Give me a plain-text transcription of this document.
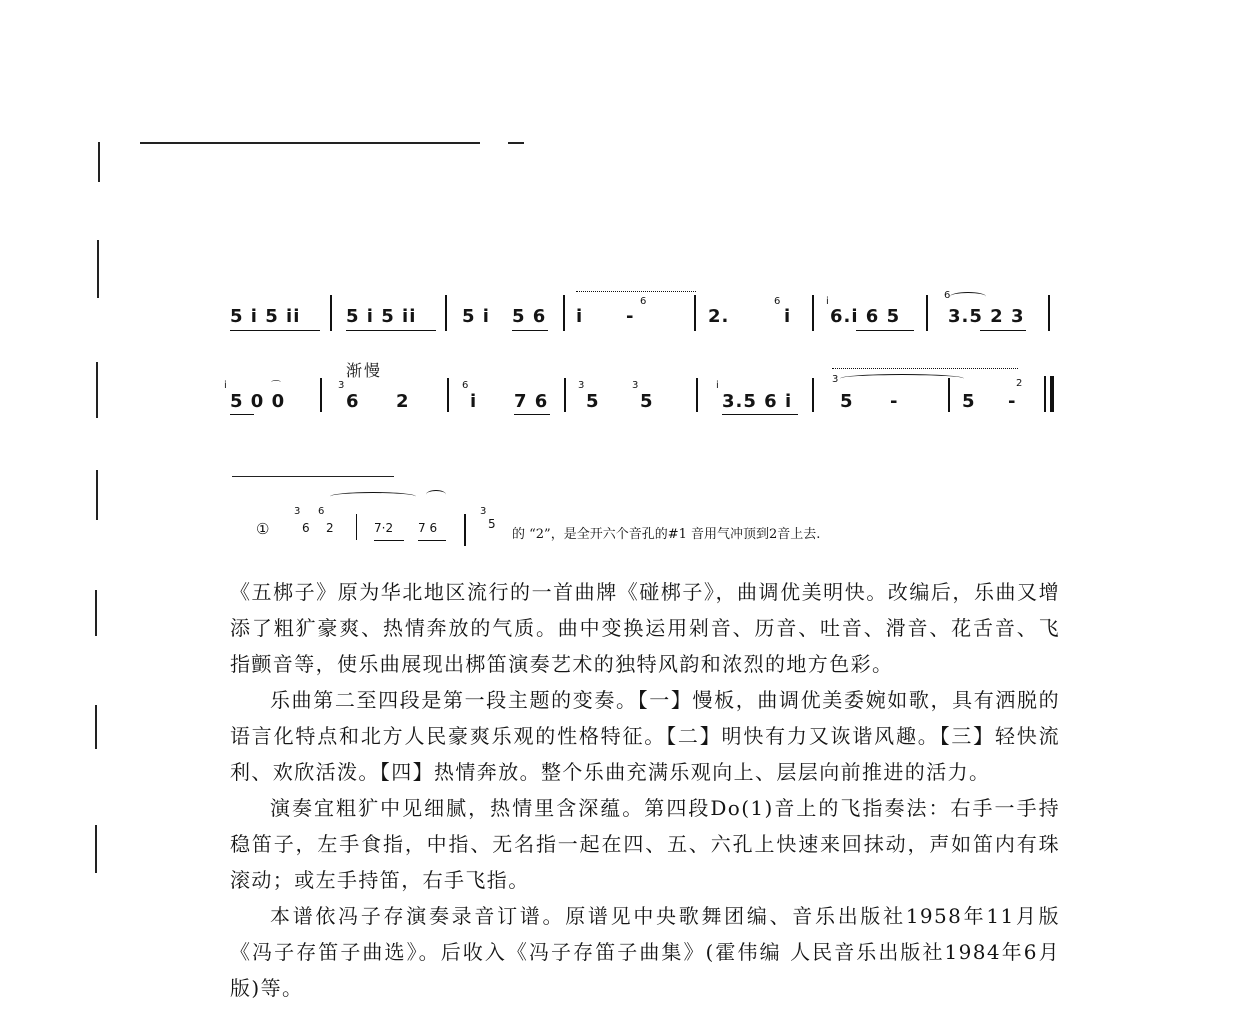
5 i 5 ii	5 i 5 ii	5 i 5 6 i -
6
2.
6
i
i
6.i 6 5
6
3.5 2 3
渐慢
i
5 0 0
⌒	3
6 2
6
i 7 6
3
5
3
5
i
3.5 6 i
3
5 -	5 -
2
①
3
6
6
2	7·2 7 6
3
5
的 “2”，是全开六个音孔的#1 音用气冲顶到2音上去.

《五梆子》原为华北地区流行的一首曲牌《碰梆子》，曲调优美明快。改编后，乐曲又增添了粗犷豪爽、热情奔放的气质。曲中变换运用剁音、历音、吐音、滑音、花舌音、飞指颤音等，使乐曲展现出梆笛演奏艺术的独特风韵和浓烈的地方色彩。

乐曲第二至四段是第一段主题的变奏。【一】慢板，曲调优美委婉如歌，具有洒脱的语言化特点和北方人民豪爽乐观的性格特征。【二】明快有力又诙谐风趣。【三】轻快流利、欢欣活泼。【四】热情奔放。整个乐曲充满乐观向上、层层向前推进的活力。

演奏宜粗犷中见细腻，热情里含深蕴。第四段Do(1)音上的飞指奏法：右手一手持稳笛子，左手食指，中指、无名指一起在四、五、六孔上快速来回抹动，声如笛内有珠滚动；或左手持笛，右手飞指。

本谱依冯子存演奏录音订谱。原谱见中央歌舞团编、音乐出版社1958年11月版《冯子存笛子曲选》。后收入《冯子存笛子曲集》(霍伟编 人民音乐出版社1984年6月版)等。
